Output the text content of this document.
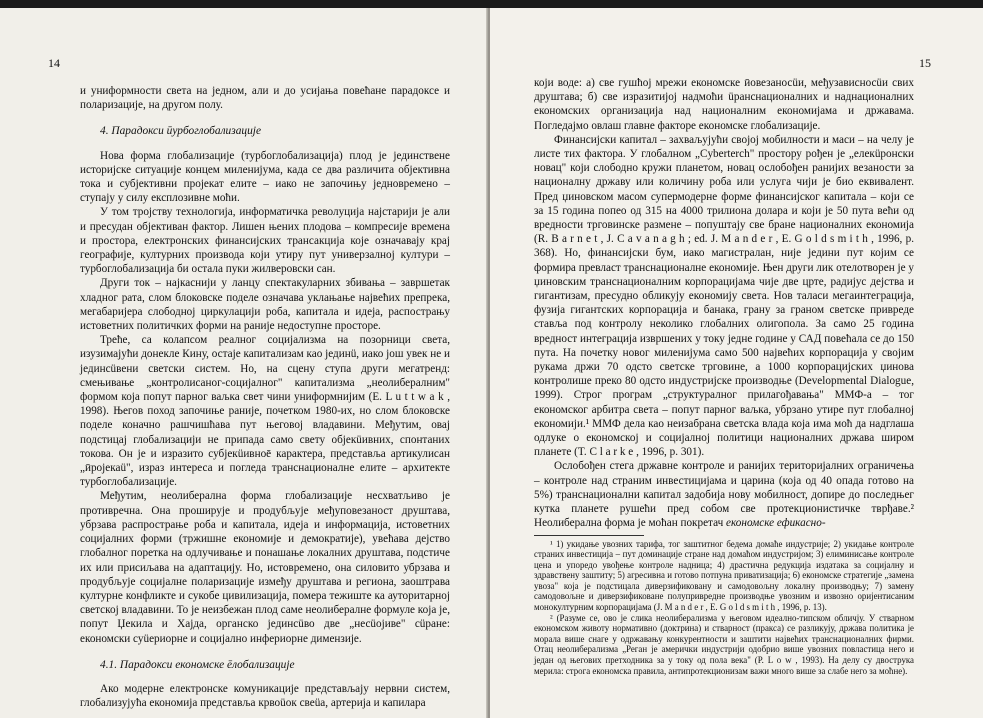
14

и униформности света на једном, али и до усијања повећане парадоксе и поларизације, на другом полу.

4. Парадокси ӣурбоглобализације

Нова форма глобализације (турбоглобализација) плод је јединствене историјске ситуације концем миленијума, када се два различита објективна тока и субјективни пројекат елите – иако не започињу једновремено – ступају у силу експлозивне моћи.

У том тројству технологија, информатичка револуција најстарији је али и пресудан објективан фактор. Лишен њених плодова – компресије времена и простора, електронских финансијских трансакција које означавају крај географије, културних производа који утиру пут универзалној култури – турбоглобализација би остала пуки жилверовски сан.

Други ток – најкаснији у ланцу спектакуларних збивања – завршетак хладног рата, слом блоковске поделе означава уклањање највећих препрека, мегабаријера слободној циркулацији роба, капитала и идеја, распострању истоветних политичких форми на раније недоступне просторе.

Треће, са колапсом реалног социјализма на позорници света, изузимајући донекле Кину, остаје капитализам као јединü, иако још увек не и јединсüвени светски систем. Но, на сцену ступа други мегатренд: смењивање „контролисаног-социјалног" капитализма „неолибералним" формом која попут парног ваљка свет чини униформнијим (E. L u t t w a k , 1998). Његов поход започиње раније, почетком 1980-их, но слом блоковске поделе коначно рашчишћава пут његовој владавини. Међутим, овај подстицај глобализацији не припада само свету објекüивних, спонтаних токова. Он је и изразито субјекüивноē карактера, представља артикулисан „ӣројекаü", израз интереса и погледа транснационалне елите – архитекте турбоглобализације.

Међутим, неолиберална форма глобализације несхватљиво је противречна. Она проширује и продубљује међуповезаност друштава, убрзава распрострање роба и капитала, идеја и информација, истоветних социјалних форми (тржишне економије и демократије), увећава дејство глобалног поретка на одлучивање и понашање локалних друштава, подстиче их или присиљава на адаптацију. Но, истовремено, она силовито убрзава и продубљује социјалне поларизације између друштава и региона, заоштрава културне конфликте и сукобе цивилизација, помера тежиште ка ауторитарној светској владавини. То је неизбежан плод саме неолибералне формуле која је, попут Џекила и Хајда, органско јединсüво две „несüојиве" сüране: економски суüериорне и социјално инфериорне димензије.

4.1. Парадокси економске ēлобализације

Ако модерне електронске комуникације представљају нервни систем, глобализујућа економија представља крвоüок свеüа, артерија и капилара

15

који воде: а) све гушћој мрежи економске ӣовезаносüи, међузависносüи свих друштава; б) све изразитијој надмоћи üранснационалних и наднационалних економских организација над националним економијама и државама. Погледајмо овлаш главне факторе економске глобализације.

Финансијски капитал – захваљујући својој мобилности и маси – на челу је листе тих фактора. У глобалном „Cyberterch" простору рођен је „елекüронски новац" који слободно кружи планетом, новац ослобођен ранијих везаности за националну државу или количину роба или услуга чији је био еквивалент. Пред џиновском масом супермодерне форме финансијског капитала – који се за 15 година попео од 315 на 4000 трилиона долара и који је 50 пута већи од вредности трговинске размене – попуштају све бране националних економија (R. B a r n e t , J. C a v a n a g h ; ed. J. M a n d e r , E. G o l d s m i t h , 1996, p. 368). Но, финансијски бум, иако магистралан, није једини пут којим се формира превласт транснационалне економије. Њен други лик отелотворен је у џиновским транснационалним корпорацијама чије две црте, радијус дејства и гигантизам, пресудно обликују економију света. Нов таласи мегаинтеграција, фузија гигантских корпорација и банака, грану за граном светске привреде ставља под контролу неколико глобалних олигопола. За само 25 година вредност интеграција извршених у току једне године у САД повећала се до 150 пута. На почетку новог миленијума само 500 највећих корпорација у својим рукама држи 70 одсто светске трговине, а 1000 корпорацијских џинова контролише преко 80 одсто индустријске производње (Developmental Dialogue, 1999). Строг програм „структуралног прилагођавања" ММФ-а – тог економског арбитра света – попут парног ваљка, убрзано утире пут глобалној економији.¹ ММФ дела као неизабрана светска влада која има моћ да надглаша одлуке о економској и социјалној политици националних држава широм планете (T. C l a r k e , 1996, p. 301).

Ослобођен стега државне контроле и ранијих територијалних ограничења – контроле над страним инвестицијама и царина (која од 40 опада готово на 5%) транснационални капитал задобија нову мобилност, допире до последњег кутка планете рушећи пред собом све протекционистичке тврђаве.² Неолиберална форма је моћан покретач економске ефикасно-

¹ 1) укидање увозних тарифа, тог заштитног бедема домаће индустрије; 2) укидање контроле страних инвестиција – пут доминације стране над домаћом индустријом; 3) елиминисање контроле цена и упоредо увођење контроле надница; 4) драстична редукција издатака за социјалну и здравствену заштиту; 5) агресивна и готово потпуна приватизација; 6) економске стратегије „замена увоза" која је подстицала диверзификовану и самодовољну локалну производњу; 7) замену самодовољне и диверзификоване полупривредне производње увозним и извозно оријентисаним монокултурним корпорацијама (J. M a n d e r , E. G o l d s m i t h , 1996, p. 13).

² (Разуме се, ово је слика неолиберализма у његовом идеално-типском обличју. У стварном економском животу нормативно (доктрина) и стварност (пракса) се разликују, држава политика је морала више снаге у одржавању конкурентности и заштити највећих транснационалних фирми. Отац неолиберализма „Реган је амерички индустрији одобрио више увозних повластица него и један од његових претходника за у току од пола века" (P. L o w , 1993). На делу су двострука мерила: строга економска правила, антипротекционизам важи много више за слабе него за моћне).
